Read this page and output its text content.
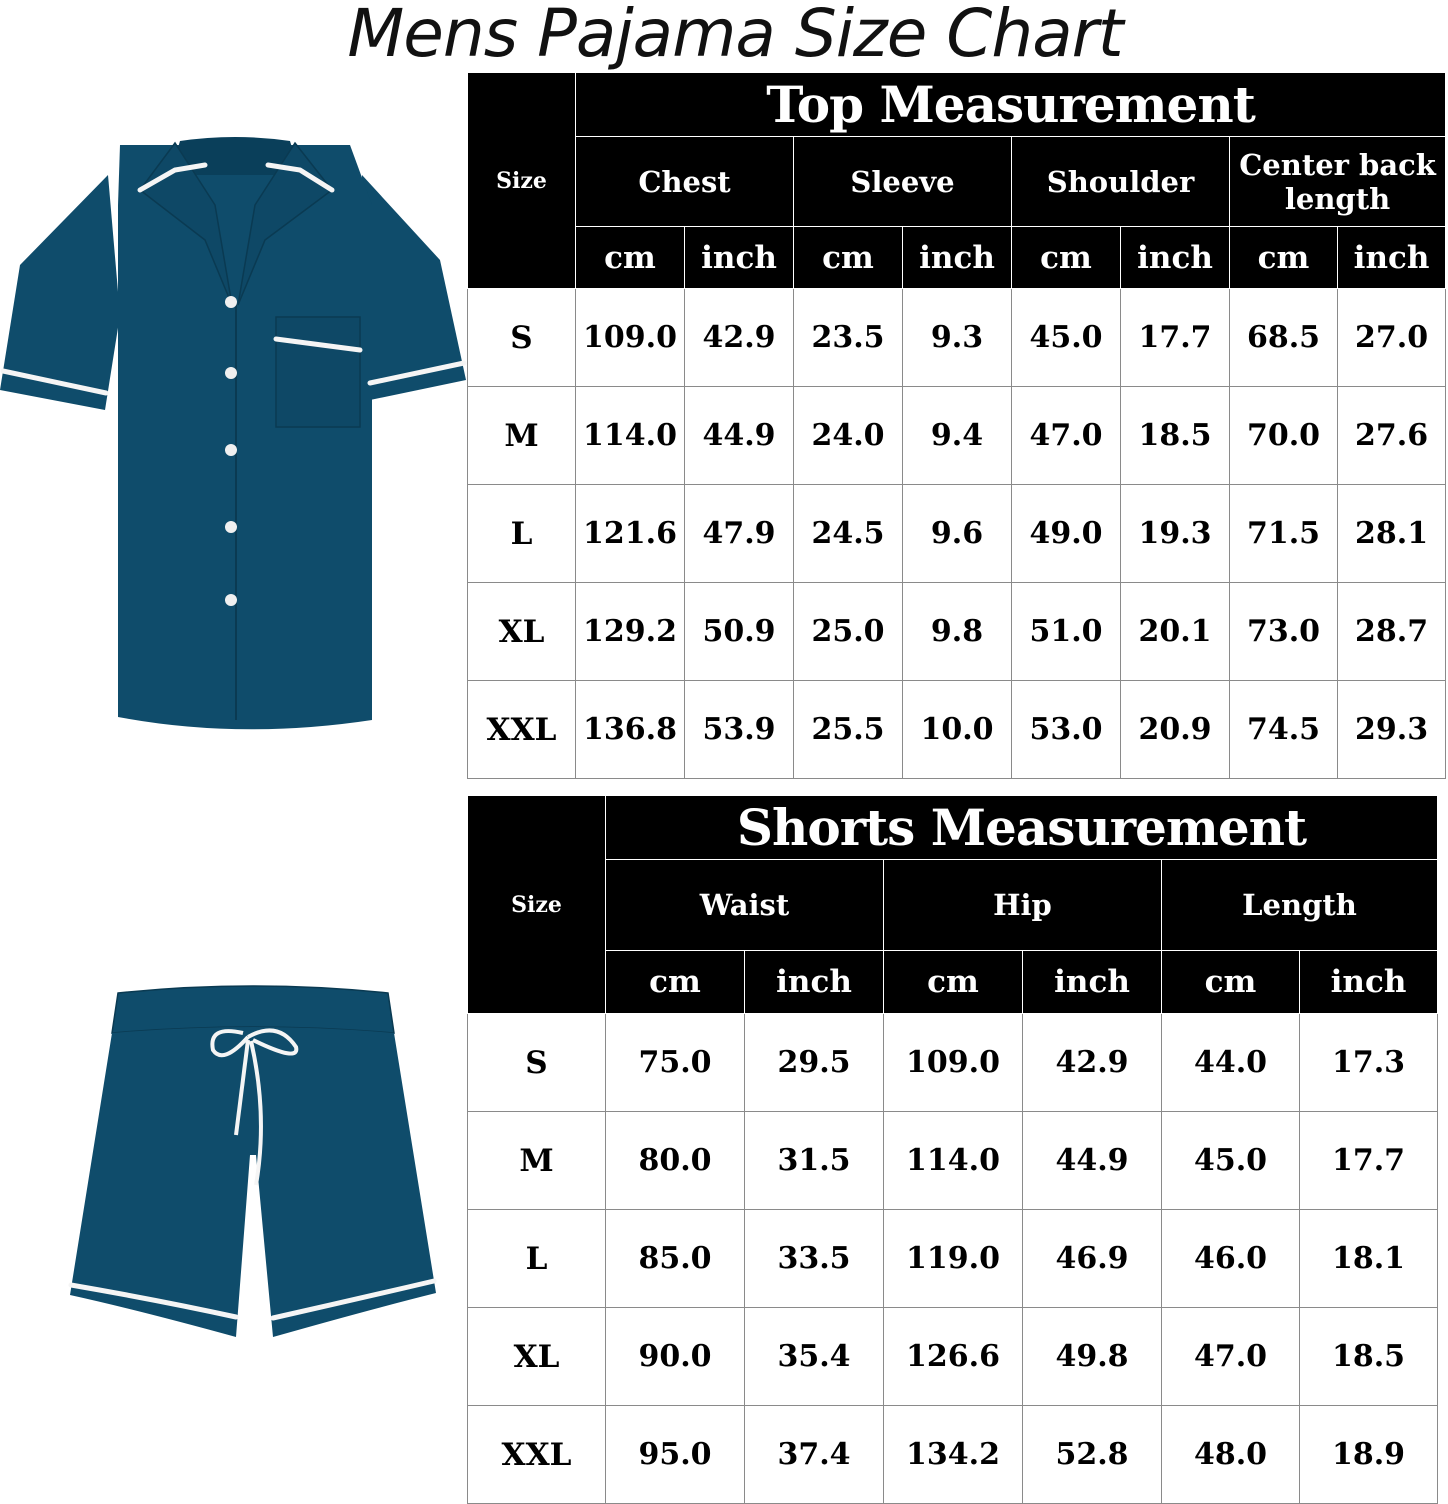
Mens Pajama Size Chart
Size	Top Measurement							
	Chest		Sleeve		Shoulder		Center back length	
	cm	inch	cm	inch	cm	inch	cm	inch
S	109.0	42.9	23.5	9.3	45.0	17.7	68.5	27.0
M	114.0	44.9	24.0	9.4	47.0	18.5	70.0	27.6
L	121.6	47.9	24.5	9.6	49.0	19.3	71.5	28.1
XL	129.2	50.9	25.0	9.8	51.0	20.1	73.0	28.7
XXL	136.8	53.9	25.5	10.0	53.0	20.9	74.5	29.3
Size	Shorts Measurement					
	Waist		Hip		Length	
	cm	inch	cm	inch	cm	inch
S	75.0	29.5	109.0	42.9	44.0	17.3
M	80.0	31.5	114.0	44.9	45.0	17.7
L	85.0	33.5	119.0	46.9	46.0	18.1
XL	90.0	35.4	126.6	49.8	47.0	18.5
XXL	95.0	37.4	134.2	52.8	48.0	18.9
